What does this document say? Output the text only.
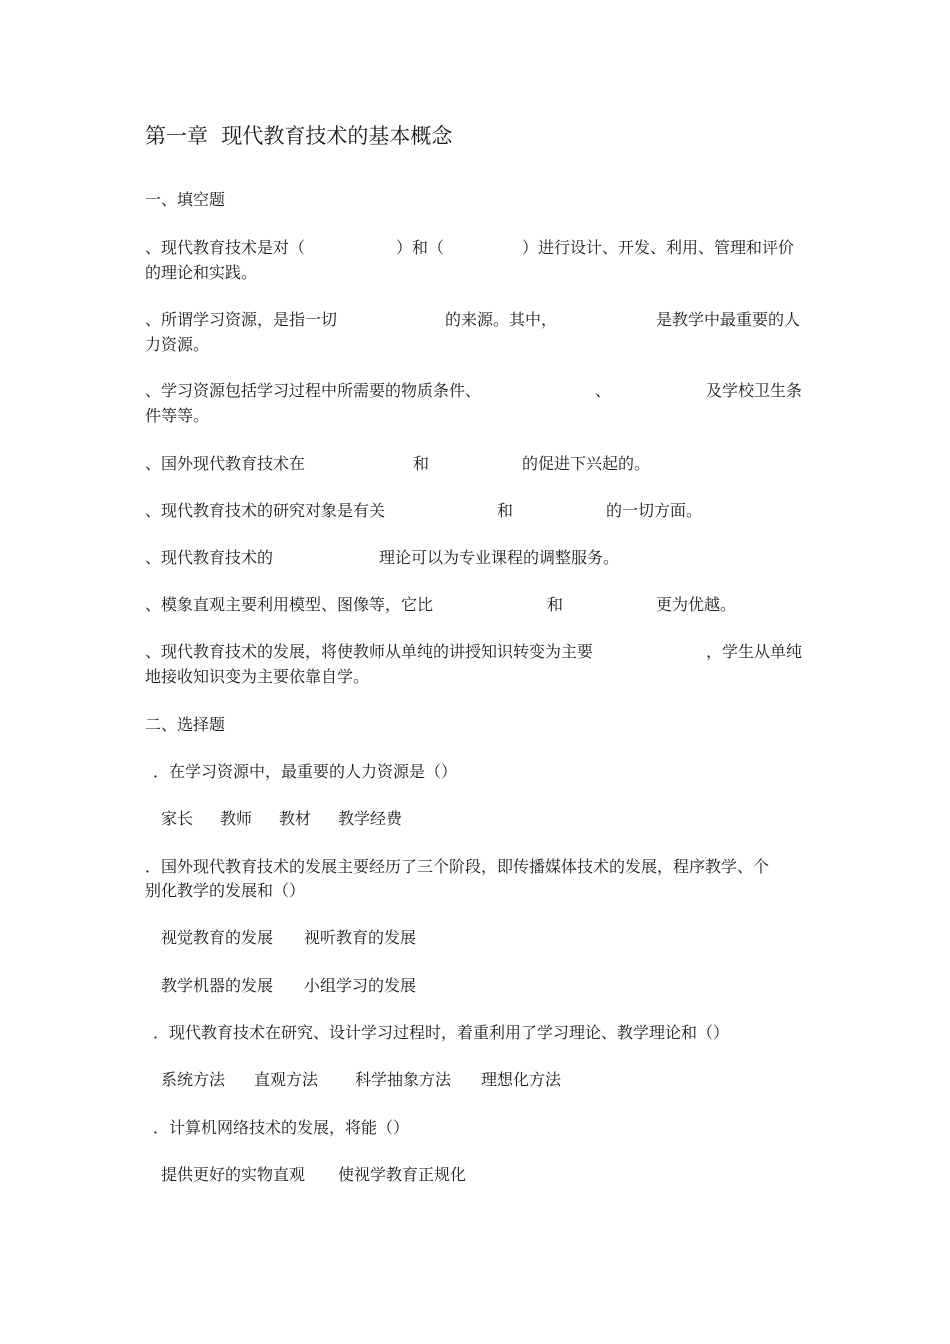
第一章  现代教育技术的基本概念
一、填空题
、现代教育技术是对（	）和（	）进行设计、开发、利用、管理和评价
的理论和实践。
、所谓学习资源，是指一切	的来源。其中，	是教学中最重要的人
力资源。
、学习资源包括学习过程中所需要的物质条件、	、	及学校卫生条
件等等。
、国外现代教育技术在	和	的促进下兴起的。
、现代教育技术的研究对象是有关	和	的一切方面。
、现代教育技术的	理论可以为专业课程的调整服务。
、模象直观主要利用模型、图像等，它比	和	更为优越。
、现代教育技术的发展，将使教师从单纯的讲授知识转变为主要	，学生从单纯
地接收知识变为主要依靠自学。
二、选择题
．在学习资源中，最重要的人力资源是（）
家长 教师 教材 教学经费
．国外现代教育技术的发展主要经历了三个阶段，即传播媒体技术的发展，程序教学、个
别化教学的发展和（）
视觉教育的发展 视听教育的发展
教学机器的发展 小组学习的发展
．现代教育技术在研究、设计学习过程时，着重利用了学习理论、教学理论和（）
系统方法 直观方法 科学抽象方法 理想化方法
．计算机网络技术的发展，将能（）
提供更好的实物直观 使视学教育正规化
